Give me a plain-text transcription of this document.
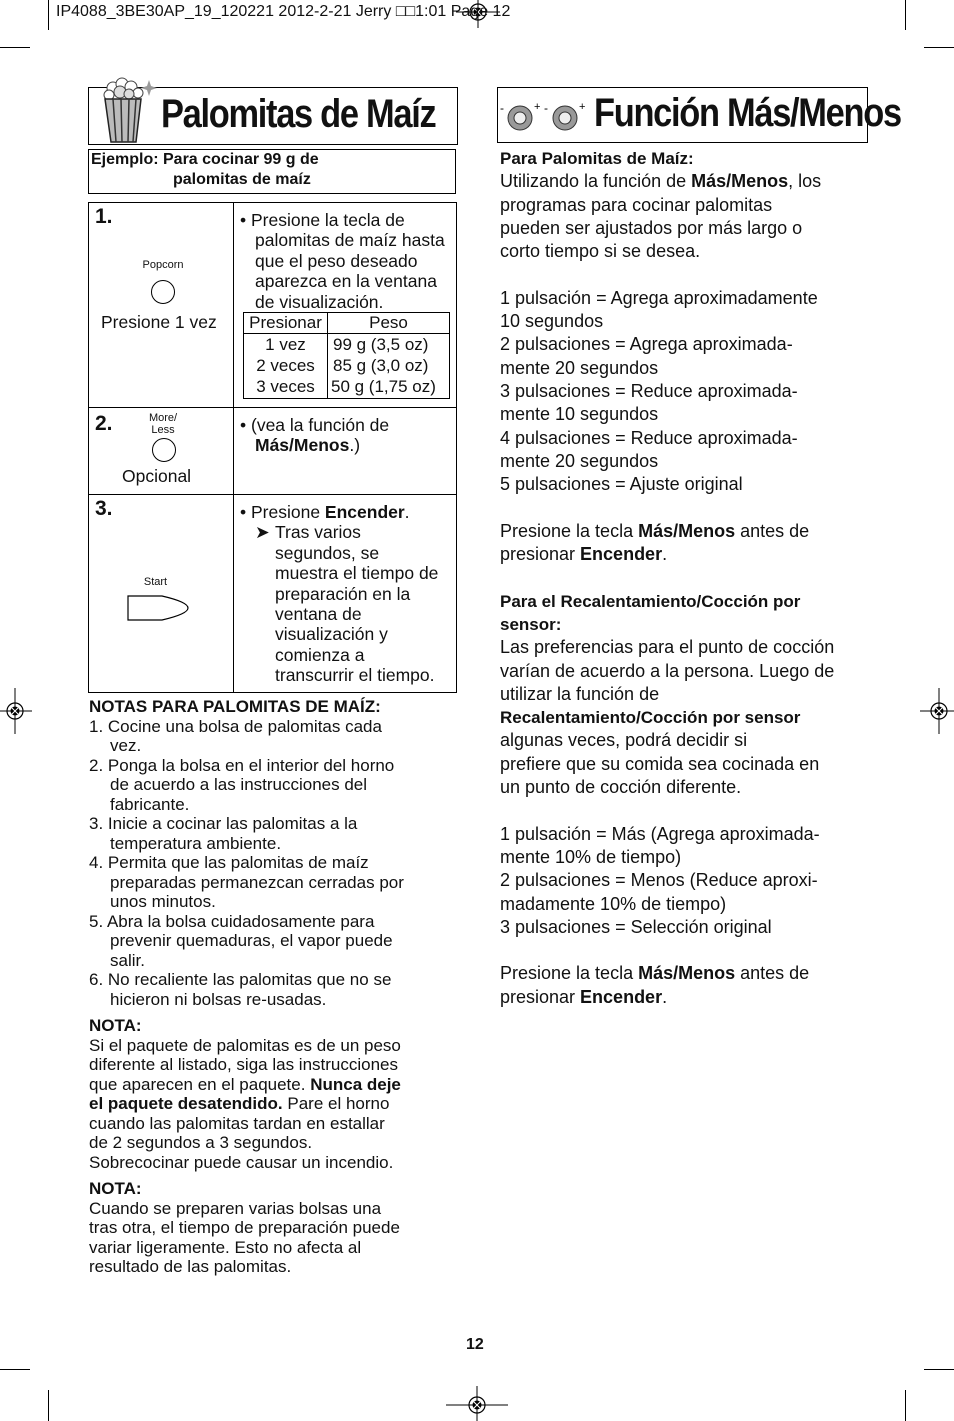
IP4088_3BE30AP_19_120221 2012-2-21 Jerry □□1:01 Page 12
Palomitas de Maíz	-	+ -	+ Función Más/Menos
Ejemplo: Para cocinar 99 g de
palomitas de maíz
1.
Popcorn
Presione 1 vez
• Presione la tecla de
palomitas de maíz hasta
que el peso deseado
aparezca en la ventana
de visualización.
Presionar	Peso
1 vez	99 g (3,5 oz)
2 veces	85 g (3,0 oz)
3 veces 50 g (1,75 oz)
2.	More/
Less
Opcional
• (vea la función de
Más/Menos.)
3.
Start
• Presione Encender.
➤ Tras varios
segundos, se
muestra el tiempo de
preparación en la
ventana de
visualización y
comienza a
transcurrir el tiempo.
NOTAS PARA PALOMITAS DE MAÍZ:
1. Cocine una bolsa de palomitas cada
vez.
2. Ponga la bolsa en el interior del horno
de acuerdo a las instrucciones del
fabricante.
3. Inicie a cocinar las palomitas a la
temperatura ambiente.
4. Permita que las palomitas de maíz
preparadas permanezcan cerradas por
unos minutos.
5. Abra la bolsa cuidadosamente para
prevenir quemaduras, el vapor puede
salir.
6. No recaliente las palomitas que no se
hicieron ni bolsas re-usadas.
NOTA:
Si el paquete de palomitas es de un peso
diferente al listado, siga las instrucciones
que aparecen en el paquete. Nunca deje
el paquete desatendido. Pare el horno
cuando las palomitas tardan en estallar
de 2 segundos a 3 segundos.
Sobrecocinar puede causar un incendio.
NOTA:
Cuando se preparen varias bolsas una
tras otra, el tiempo de preparación puede
variar ligeramente. Esto no afecta al
resultado de las palomitas.
Para Palomitas de Maíz:
Utilizando la función de Más/Menos, los
programas para cocinar palomitas
pueden ser ajustados por más largo o
corto tiempo si se desea.
1 pulsación = Agrega aproximadamente
10 segundos
2 pulsaciones = Agrega aproximada-
mente 20 segundos
3 pulsaciones = Reduce aproximada-
mente 10 segundos
4 pulsaciones = Reduce aproximada-
mente 20 segundos
5 pulsaciones = Ajuste original
Presione la tecla Más/Menos antes de
presionar Encender.
Para el Recalentamiento/Cocción por
sensor:
Las preferencias para el punto de cocción
varían de acuerdo a la persona. Luego de
utilizar la función de
Recalentamiento/Cocción por sensor
algunas veces, podrá decidir si
prefiere que su comida sea cocinada en
un punto de cocción diferente.
1 pulsación = Más (Agrega aproximada-
mente 10% de tiempo)
2 pulsaciones = Menos (Reduce aproxi-
madamente 10% de tiempo)
3 pulsaciones = Selección original
Presione la tecla Más/Menos antes de
presionar Encender.
12
